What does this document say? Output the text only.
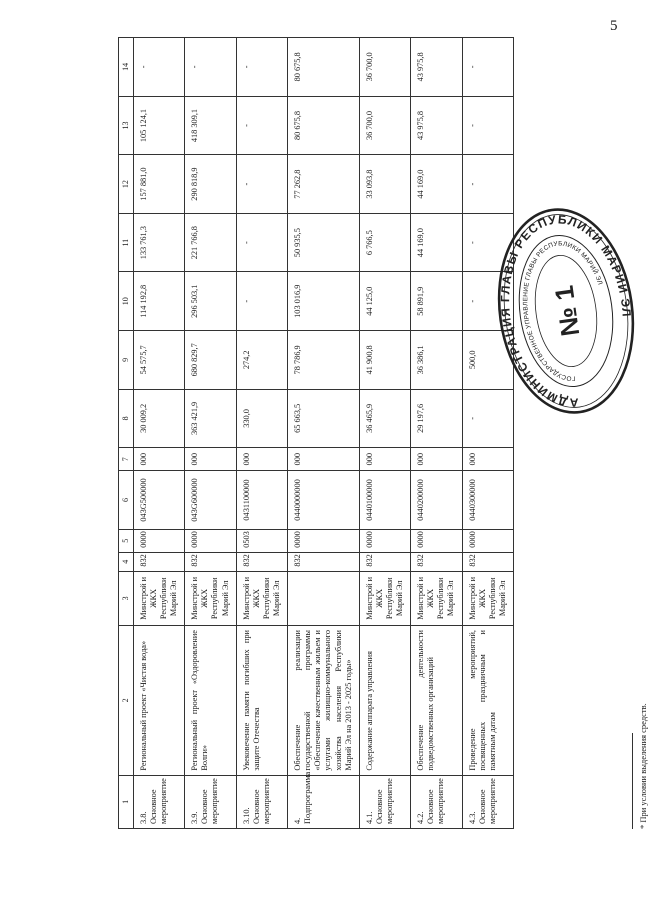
5
1	2	3	4	5	6	7	8	9	10	11	12	13	14
3.8. Основное мероприятие	Региональный проект «Чистая вода»	Минстрой и ЖКХ Республики Марий Эл	832	0000	043G500000	000	30 009,2	54 575,7	114 192,8	133 761,3	157 881,0	105 124,1	-
3.9. Основное мероприятие	Региональный проект «Оздоровление Волги»	Минстрой и ЖКХ Республики Марий Эл	832	0000	043G600000	000	363 421,9	680 829,7	296 503,1	221 766,8	290 818,9	418 309,1	-
3.10. Основное мероприятие	Увековечение памяти погибших при защите Отечества	Минстрой и ЖКХ Республики Марий Эл	832	0503	0431100000	000	330,0	274,2	-	-	-	-	-
4. Подпрограмма	Обеспечение реализации государственной программы «Обеспечение качественным жильем и услугами жилищно-коммунального хозяйства населения Республики Марий Эл на 2013 - 2025 годы»		832	0000	0440000000	000	65 663,5	78 786,9	103 016,9	50 935,5	77 262,8	80 675,8	80 675,8
4.1. Основное мероприятие	Содержание аппарата управления	Минстрой и ЖКХ Республики Марий Эл	832	0000	0440100000	000	36 465,9	41 900,8	44 125,0	6 766,5	33 093,8	36 700,0	36 700,0
4.2. Основное мероприятие	Обеспечение деятельности подведомственных организаций	Минстрой и ЖКХ Республики Марий Эл	832	0000	0440200000	000	29 197,6	36 386,1	58 891,9	44 169,0	44 169,0	43 975,8	43 975,8
4.3. Основное мероприятие	Проведение мероприятий, посвященных праздничным и памятным датам	Минстрой и ЖКХ Республики Марий Эл	832	0000	0440300000	000	-	500,0	-	-	-	-	-
* При условии выделения средств.
АДМИНИСТРАЦИЯ ГЛАВЫ РЕСПУБЛИКИ МАРИЙ ЭЛ
ГОСУДАРСТВЕННОЕ УПРАВЛЕНИЕ ГЛАВЫ РЕСПУБЛИКИ МАРИЙ ЭЛ
№ 1
